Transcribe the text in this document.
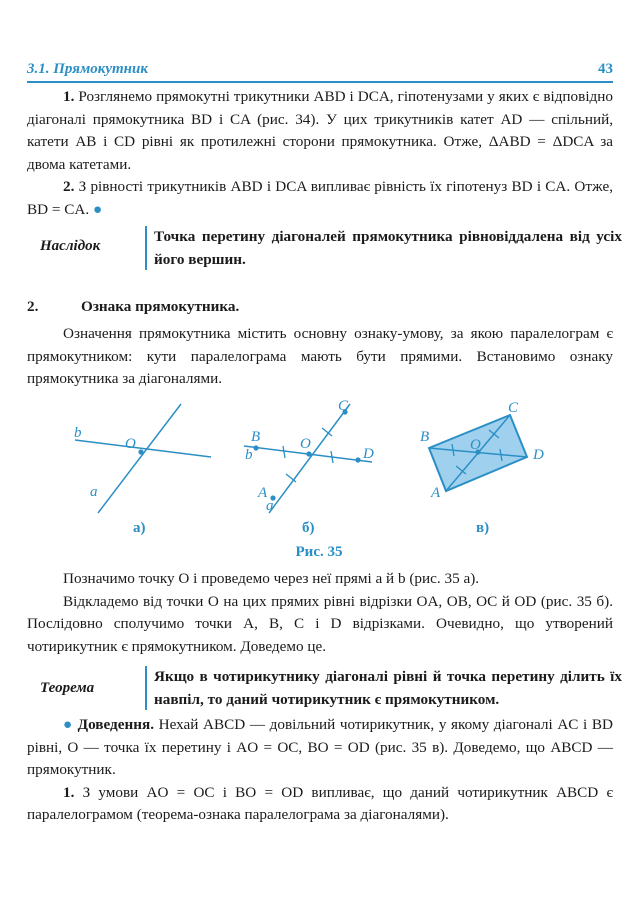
3.1. Прямокутник	43

1. Розглянемо прямокутні трикутники ABD і DCA, гіпотенузами у яких є відповідно діагоналі прямокутника BD і CA (рис. 34). У цих трикутників катет AD — спільний, катети AB і CD рівні як протилежні сторони прямокутника. Отже, ΔABD = ΔDCA за двома катетами.

2. З рівності трикутників ABD і DCA випливає рівність їх гіпотенуз BD і CA. Отже, BD = CA. ●

Наслідок
Точка перетину діагоналей прямокутника рівновіддалена від усіх його вершин.
2.	Ознака прямокутника.

Означення прямокутника містить основну ознаку-умову, за якою паралелограм є прямокутником: кути паралелограма мають бути прямими. Встановимо ознаку прямокутника за діагоналями.

b
O
a
C
B
b
O
D
A
a
C
B	O
D
A
а)	б)	в)
Рис. 35

Позначимо точку O і проведемо через неї прямі a й b (рис. 35 а).

Відкладемо від точки O на цих прямих рівні відрізки OA, OB, OC й OD (рис. 35 б). Послідовно сполучимо точки A, B, C і D відрізками. Очевидно, що утворений чотирикутник є прямокутником. Доведемо це.

Теорема
Якщо в чотирикутнику діагоналі рівні й точка перетину ділить їх навпіл, то даний чотирикутник є прямокутником.

● Доведення. Нехай ABCD — довільний чотирикутник, у якому діагоналі AC і BD рівні, O — точка їх перетину і AO = OC, BO = OD (рис. 35 в). Доведемо, що ABCD — прямокутник.

1. З умови AO = OC і BO = OD випливає, що даний чотирикутник ABCD є паралелограмом (теорема-ознака паралелограма за діагоналями).
